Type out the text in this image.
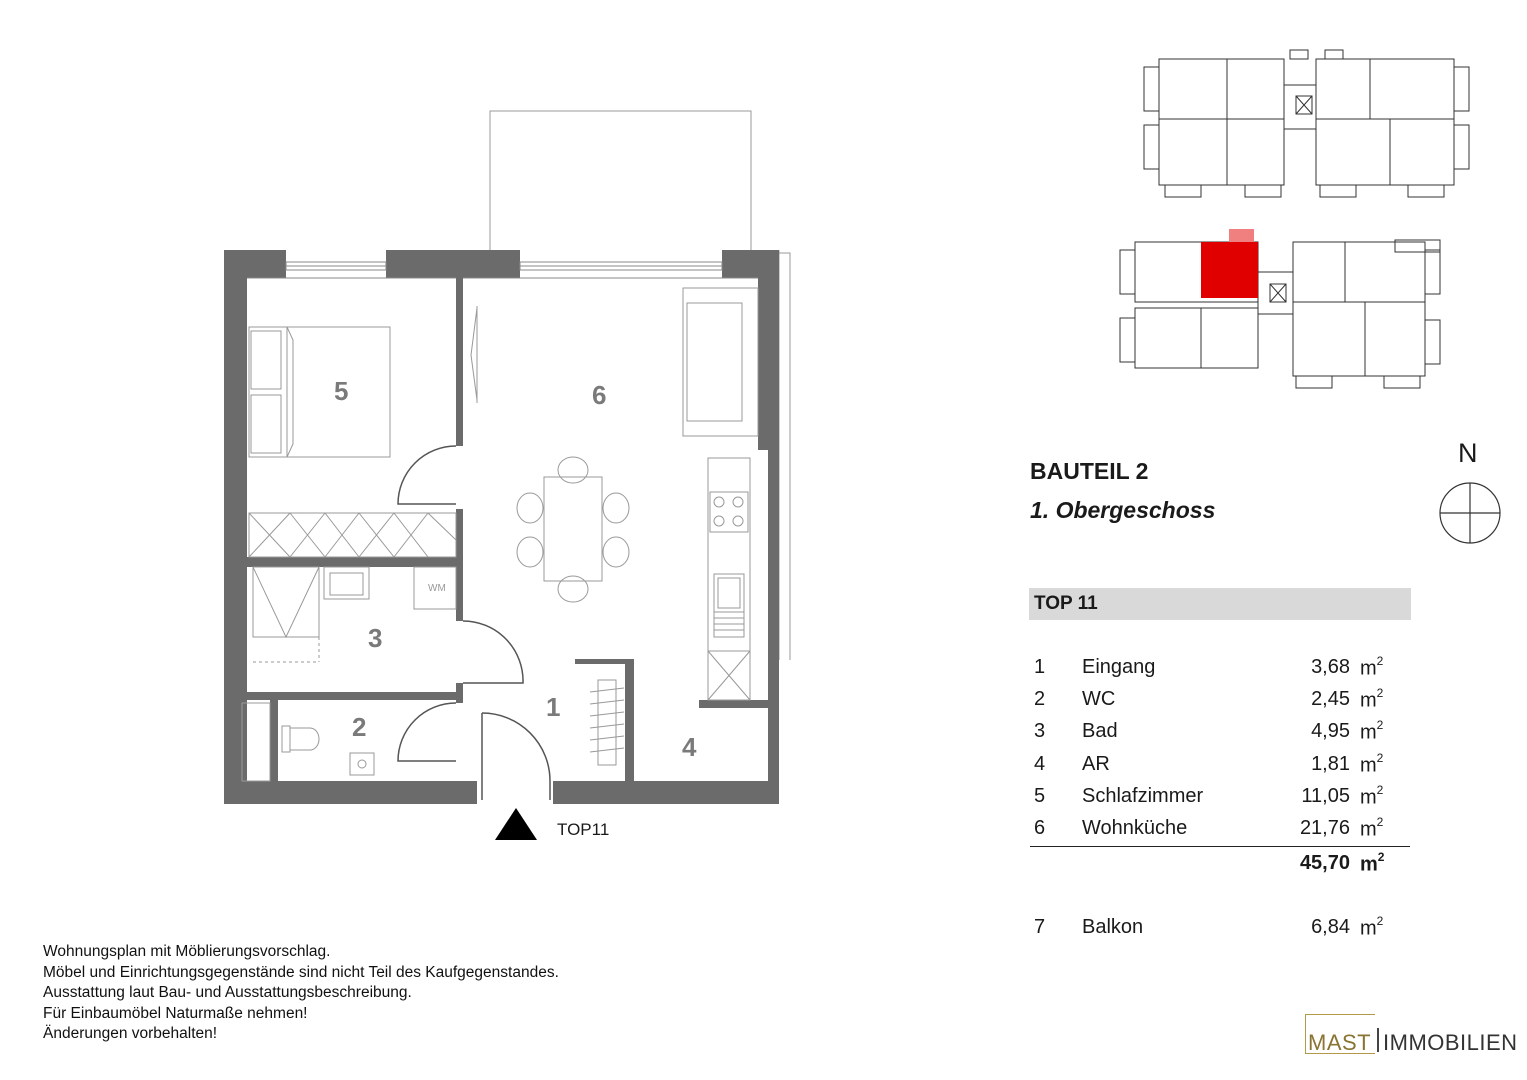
5	6
3
2
1
4
WM
TOP11
BAUTEIL 2
1. Obergeschoss
N
TOP 11
1 Eingang	3,68 $m^2$
2 WC	2,45 $m^2$
3 Bad	4,95 $m^2$
4 AR	1,81 $m^2$
5 Schlafzimmer	11,05 $m^2$
6 Wohnküche	21,76 $m^2$
45,70 $m^2$
7 Balkon	6,84 $m^2$
Wohnungsplan mit Möblierungsvorschlag.
Möbel und Einrichtungsgegenstände sind nicht Teil des Kaufgegenstandes.
Ausstattung laut Bau- und Ausstattungsbeschreibung.
Für Einbaumöbel Naturmaße nehmen!
Änderungen vorbehalten!	MAST IMMOBILIEN
